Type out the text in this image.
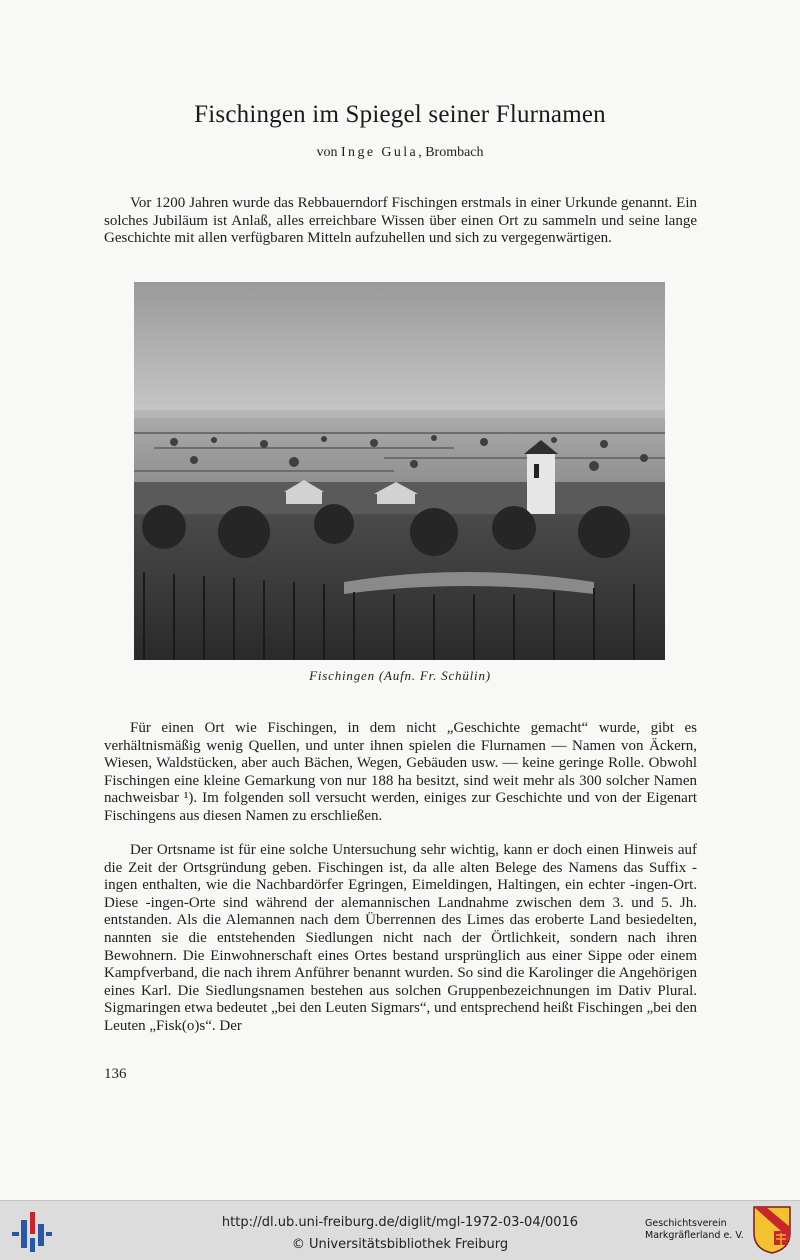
Fischingen im Spiegel seiner Flurnamen
von Inge Gula, Brombach
Vor 1200 Jahren wurde das Rebbauerndorf Fischingen erstmals in einer Urkunde genannt. Ein solches Jubiläum ist Anlaß, alles erreichbare Wissen über einen Ort zu sammeln und seine lange Geschichte mit allen verfügbaren Mitteln aufzuhellen und sich zu vergegenwärtigen.
Fischingen (Aufn. Fr. Schülin)
Für einen Ort wie Fischingen, in dem nicht „Geschichte gemacht“ wurde, gibt es verhältnismäßig wenig Quellen, und unter ihnen spielen die Flurnamen — Namen von Äckern, Wiesen, Waldstücken, aber auch Bächen, Wegen, Gebäuden usw. — keine geringe Rolle. Obwohl Fischingen eine kleine Gemarkung von nur 188 ha besitzt, sind weit mehr als 300 solcher Namen nachweisbar ¹). Im folgenden soll versucht werden, einiges zur Geschichte und von der Eigenart Fischingens aus diesen Namen zu erschließen.
Der Ortsname ist für eine solche Untersuchung sehr wichtig, kann er doch einen Hinweis auf die Zeit der Ortsgründung geben. Fischingen ist, da alle alten Belege des Namens das Suffix -ingen enthalten, wie die Nachbardörfer Egringen, Eimeldingen, Haltingen, ein echter -ingen-Ort. Diese -ingen-Orte sind während der alemannischen Landnahme zwischen dem 3. und 5. Jh. entstanden. Als die Alemannen nach dem Überrennen des Limes das eroberte Land besiedelten, nannten sie die entstehenden Siedlungen nicht nach der Örtlichkeit, sondern nach ihren Bewohnern. Die Einwohnerschaft eines Ortes bestand ursprünglich aus einer Sippe oder einem Kampfverband, die nach ihrem Anführer benannt wurden. So sind die Karolinger die Angehörigen eines Karl. Die Siedlungsnamen bestehen aus solchen Gruppenbezeichnungen im Dativ Plural. Sigmaringen etwa bedeutet „bei den Leuten Sigmars“, und entsprechend heißt Fischingen „bei den Leuten „Fisk(o)s“. Der
136
http://dl.ub.uni-freiburg.de/diglit/mgl-1972-03-04/0016
© Universitätsbibliothek Freiburg
Geschichtsverein
Markgräflerland e. V.
